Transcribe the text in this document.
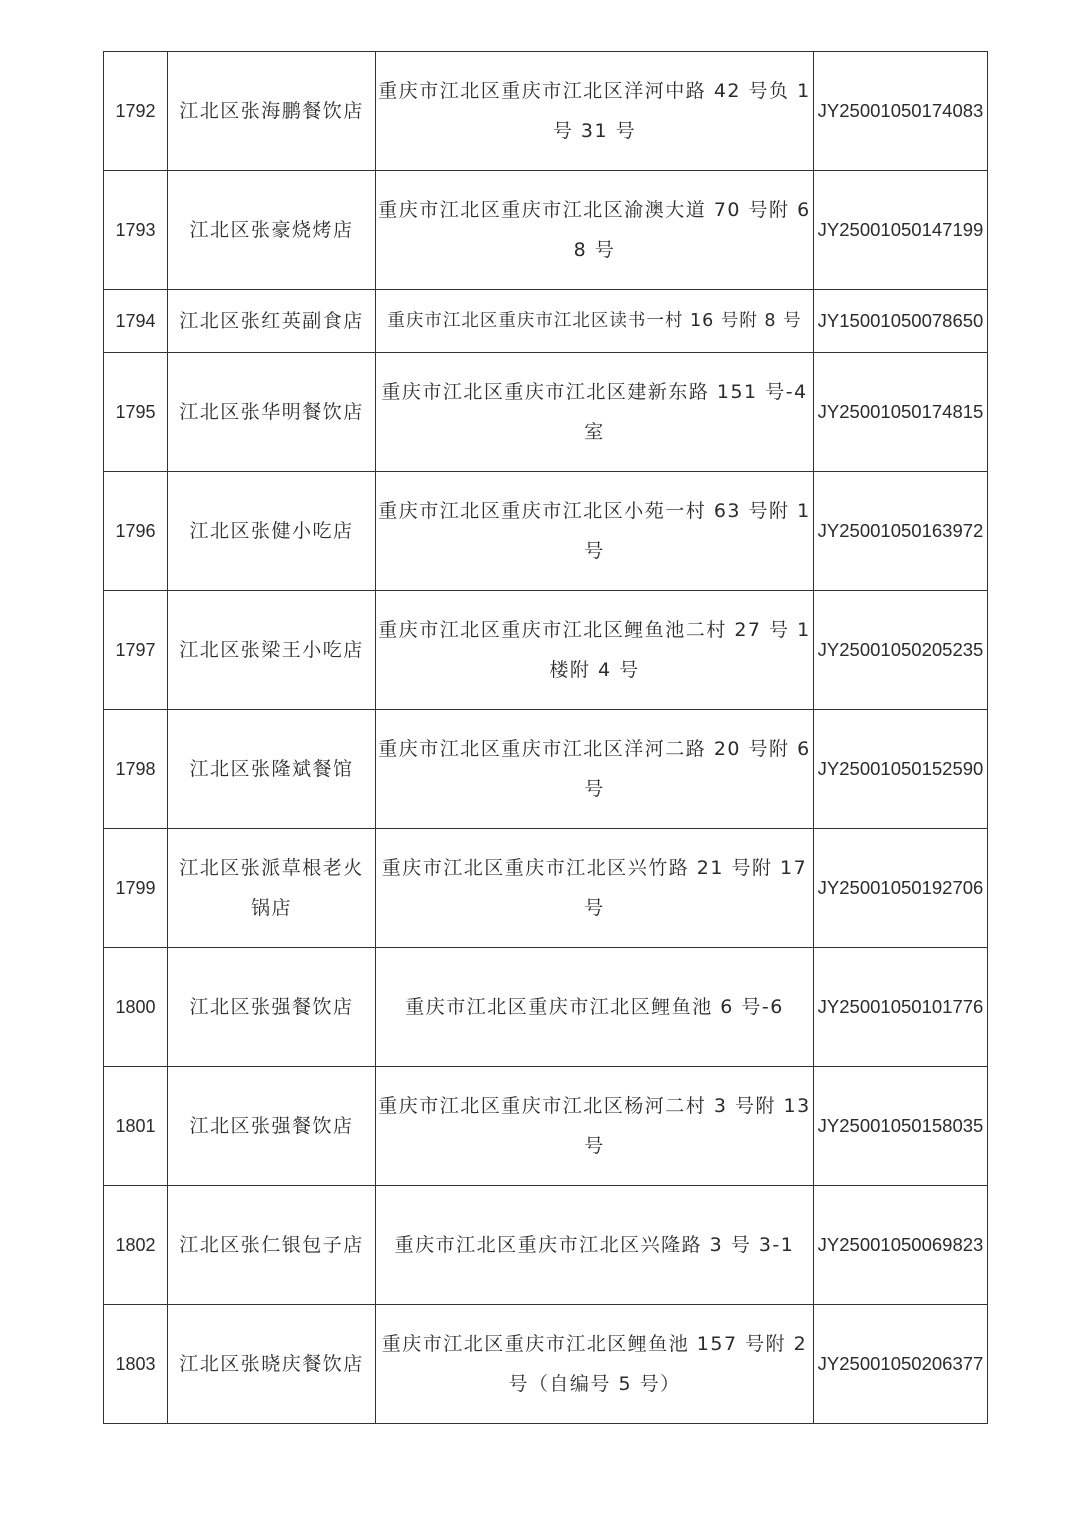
1792	江北区张海鹏餐饮店	重庆市江北区重庆市江北区洋河中路 42 号负 1 号 31 号	JY25001050174083
1793	江北区张豪烧烤店	重庆市江北区重庆市江北区渝澳大道 70 号附 68 号	JY25001050147199
1794	江北区张红英副食店	重庆市江北区重庆市江北区读书一村 16 号附 8 号	JY15001050078650
1795	江北区张华明餐饮店	重庆市江北区重庆市江北区建新东路 151 号-4 室	JY25001050174815
1796	江北区张健小吃店	重庆市江北区重庆市江北区小苑一村 63 号附 1 号	JY25001050163972
1797	江北区张梁王小吃店	重庆市江北区重庆市江北区鲤鱼池二村 27 号 1 楼附 4 号	JY25001050205235
1798	江北区张隆斌餐馆	重庆市江北区重庆市江北区洋河二路 20 号附 6 号	JY25001050152590
1799	江北区张派草根老火锅店	重庆市江北区重庆市江北区兴竹路 21 号附 17 号	JY25001050192706
1800	江北区张强餐饮店	重庆市江北区重庆市江北区鲤鱼池 6 号-6	JY25001050101776
1801	江北区张强餐饮店	重庆市江北区重庆市江北区杨河二村 3 号附 13 号	JY25001050158035
1802	江北区张仁银包子店	重庆市江北区重庆市江北区兴隆路 3 号 3-1	JY25001050069823
1803	江北区张晓庆餐饮店	重庆市江北区重庆市江北区鲤鱼池 157 号附 2 号（自编号 5 号）	JY25001050206377
